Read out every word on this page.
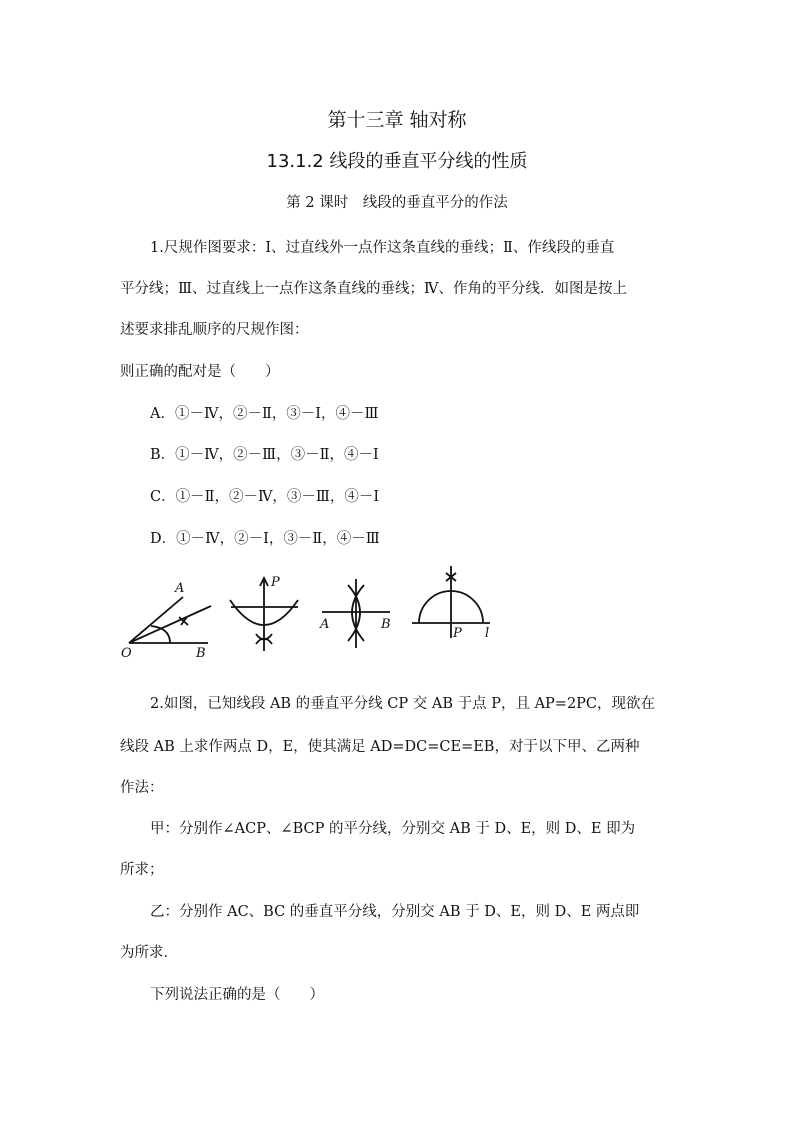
第十三章 轴对称
13.1.2 线段的垂直平分线的性质
第 2 课时　线段的垂直平分的作法
1.尺规作图要求：Ⅰ、过直线外一点作这条直线的垂线；Ⅱ、作线段的垂直
平分线；Ⅲ、过直线上一点作这条直线的垂线；Ⅳ、作角的平分线．如图是按上
述要求排乱顺序的尺规作图：
则正确的配对是（　　）
A．①－Ⅳ，②－Ⅱ，③－Ⅰ，④－Ⅲ
B．①－Ⅳ，②－Ⅲ，③－Ⅱ，④－Ⅰ
C．①－Ⅱ，②－Ⅳ，③－Ⅲ，④－Ⅰ
D．①－Ⅳ，②－Ⅰ，③－Ⅱ，④－Ⅲ
A
O	B
P
A	B
P l
2.如图，已知线段 AB 的垂直平分线 CP 交 AB 于点 P，且 AP=2PC，现欲在
线段 AB 上求作两点 D，E，使其满足 AD=DC=CE=EB，对于以下甲、乙两种
作法：
甲：分别作∠ACP、∠BCP 的平分线，分别交 AB 于 D、E，则 D、E 即为
所求；
乙：分别作 AC、BC 的垂直平分线，分别交 AB 于 D、E，则 D、E 两点即
为所求．
下列说法正确的是（　　）
